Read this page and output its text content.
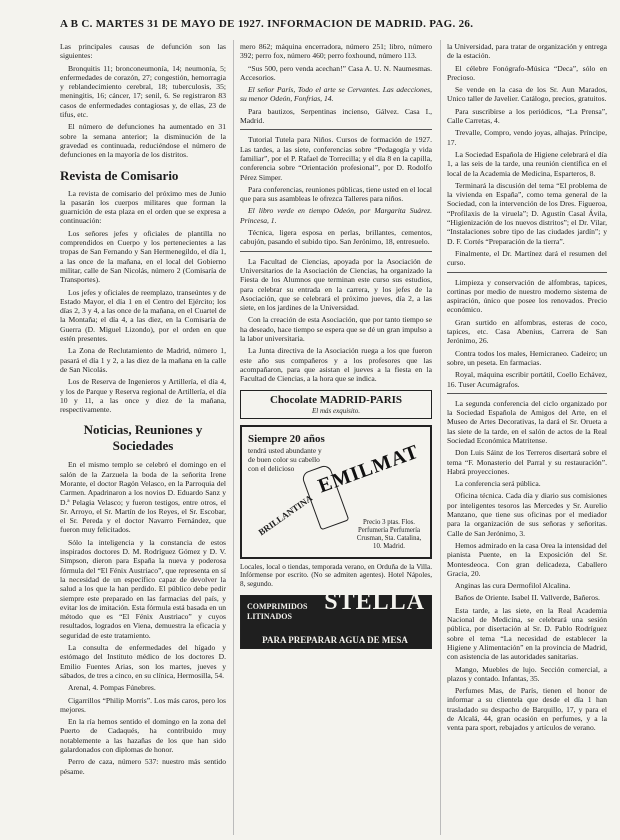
A B C. MARTES 31 DE MAYO DE 1927. INFORMACION DE MADRID. PAG. 26.

Las principales causas de defunción son las siguientes:

Bronquitis 11; bronconeumonía, 14; neumonía, 5; enfermedades de corazón, 27; congestión, hemorragia y reblandecimiento cerebral, 18; tuberculosis, 35; meningitis, 16; cáncer, 17; senil, 6. Se registraron 83 casos de enfermedades contagiosas y, de ellas, 23 de tifus, etc.

El número de defunciones ha aumentado en 31 sobre la semana anterior; la disminución de la gravedad es continuada, reduciéndose el número de defunciones en la mayoría de los distritos.

Revista de Comisario

La revista de comisario del próximo mes de Junio la pasarán los cuerpos militares que forman la guarnición de esta plaza en el orden que se expresa a continuación:

Los señores jefes y oficiales de plantilla no comprendidos en Cuerpo y los pertenecientes a las tropas de San Fernando y San Hermenegildo, el día 1, a las once de la mañana, en el local del Gobierno militar, calle de San Nicolás, número 2 (Comisaría de Transportes).

Los jefes y oficiales de reemplazo, transeúntes y de Estado Mayor, el día 1 en el Centro del Ejército; los días 2, 3 y 4, a las once de la mañana, en el Cuartel de la Montaña; el día 4, a las diez, en la Comisaría de Guerra (D. Miguel Lizondo), por el orden en que estén presentes.

La Zona de Reclutamiento de Madrid, número 1, pasará el día 1 y 2, a las diez de la mañana en la calle de San Nicolás.

Los de Reserva de Ingenieros y Artillería, el día 4, y los de Parque y Reserva regional de Artillería, el día 10 y 11, a las once y diez de la mañana, respectivamente.

Noticias, Reuniones y Sociedades

En el mismo templo se celebró el domingo en el salón de la Zarzuela la boda de la señorita Irene Morante, el doctor Ragón Velasco, en la Parroquia del Carmen. Apadrinaron a los novios D. Eduardo Sanz y D.ª Pelagia Velasco; y fueron testigos, entre otros, el Sr. Arroyo, el Sr. Martín de los Reyes, el Sr. Escobar, el Sr. Pereda y el doctor Navarro Fernández, que fueron muy felicitados.

Sólo la inteligencia y la constancia de estos inspirados doctores D. M. Rodríguez Gómez y D. V. Simpson, dieron para España la nueva y poderosa fórmula del “El Fénix Austriaco”, que representa en sí la necesidad de un específico capaz de devolver la salud a los que la han perdido. El público debe pedir siempre este preparado en las farmacias del país, y evitar los de imitación. Esta fórmula está basada en un método que es “El Fénix Austriaco” y cuyos resultados, logrados en Viena, demuestra la eficacia y seguridad de este tratamiento.

La consulta de enfermedades del hígado y estómago del Instituto médico de los doctores D. Emilio Fuentes Arias, son los martes, jueves y sábados, de tres a cinco, en su clínica, Hermosilla, 54.

Arenal, 4. Pompas Fúnebres.

Cigarrillos “Philip Morris”. Los más caros, pero los mejores.

En la ría hemos sentido el domingo en la zona del Puerto de Cadaqués, ha contribuido muy notablemente a las hazañas de los que han sido galardonados con diplomas de honor.

Perro de caza, número 537: nuestro más sentido pésame.

mero 862; máquina encerradora, número 251; libro, número 392; perro fox, número 460; perro foxhound, número 113.

“Sus 500, pero venda acechan!” Casa A. U. N. Naumesmas. Accesorios.

El señor París, Todo el arte se Cervantes. Las adecciones, su menor Odeón, Fonfrias, 14.

Para bautizos, Serpentinas incienso, Gálvez. Casa I., Madrid.

Tutorial Tutela para Niños. Cursos de formación de 1927. Las tardes, a las siete, conferencias sobre “Pedagogía y vida familiar”, por el P. Rafael de Torrecilla; y el día 8 en la capilla, conferencia sobre “Orientación profesional”, por D. Rodolfo Pérez Simper.

Para conferencias, reuniones públicas, tiene usted en el local que para sus asambleas le ofrezca Talleres para niños.

El libro verde en tiempo Odeón, por Margarita Suárez. Princesa, 1.

Técnica, ligera esposa en perlas, brillantes, cementos, cabujón, pasando el subido tipo. San Jerónimo, 18, entresuelo.

La Facultad de Ciencias, apoyada por la Asociación de Universitarios de la Asociación de Ciencias, ha organizado la Fiesta de los Alumnos que terminan este curso sus estudios, para celebrar su entrada en la carrera, y los jefes de la Asociación, que se celebrará el próximo jueves, día 2, a las siete, en los jardines de la Universidad.

Con la creación de esta Asociación, que por tanto tiempo se ha deseado, hace tiempo se espera que se dé un gran impulso a la labor universitaria.

La Junta directiva de la Asociación ruega a los que fueron este año sus compañeros y a los profesores que las acompañaron, para que asistan el jueves a la fiesta en la Facultad de Ciencias, a la hora que se indica.

Chocolate MADRID-PARIS
El más exquisito.
Siempre 20 años
tendrá usted abundante y de buen color su cabello con el delicioso
BRILLANTINA
EMILMAT
Precio 3 ptas. Flos. Perfumería Perfumería Crusman, Sta. Catalina, 10. Madrid.
Locales, local o tiendas, temporada verano, en Orduña de la Villa. Infórmense por escrito. (No se admiten agentes). Hotel Nápoles, 8, segundo.
COMPRIMIDOS LITINADOS
STELLA
PARA PREPARAR AGUA DE MESA

la Universidad, para tratar de organización y entrega de la estación.

El célebre Fonógrafo-Música “Deca”, sólo en Precioso.

Se vende en la casa de los Sr. Aun Marados, Unico taller de Javelier. Catálogo, precios, gratuitos.

Para suscribirse a los periódicos, “La Prensa”, Calle Carretas, 4.

Trevalle, Compro, vendo joyas, alhajas. Príncipe, 17.

La Sociedad Española de Higiene celebrará el día 1, a las seis de la tarde, una reunión científica en el local de la Academia de Medicina, Esparteros, 8.

Terminará la discusión del tema “El problema de la vivienda en España”, como tema general de la Sociedad, con la intervención de los Dres. Figueroa, “Profilaxis de la viruela”; D. Agustín Casal Ávila, “Higienización de los nuevos distritos”; el Dr. Vilar, “Instalaciones sobre tipo de las ciudades jardín”; y D. F. Cortés “Preparación de la tierra”.

Finalmente, el Dr. Martínez dará el resumen del curso.

Limpieza y conservación de alfombras, tapices, cortinas por medio de nuestro moderno sistema de aspiración, único que posee los renovados. Precio económico.

Gran surtido en alfombras, esteras de coco, tapices, etc. Casa Abenius, Carrera de San Jerónimo, 26.

Contra todos los males, Hemicraneo. Cadeiro; un sobre, un peseta. En farmacias.

Royal, máquina escribir portátil, Coello Echávez, 16. Tuser Acumágrafos.

La segunda conferencia del ciclo organizado por la Sociedad Española de Amigos del Arte, en el Museo de Artes Decorativas, la dará el Sr. Orueta a las siete de la tarde, en el salón de actos de la Real Sociedad Económica Matritense.

Don Luis Sáinz de los Terreros disertará sobre el tema “F. Monasterio del Parral y su restauración”. Habrá proyecciones.

La conferencia será pública.

Oficina técnica. Cada día y diario sus comisiones por inteligentes tesoros las Mercedes y Sr. Aurelio Manzano, que tiene sus oficinas por el mediador para la organización de sus señoras y señoritas. Calle de San Jerónimo, 3.

Hemos admirado en la casa Orea la intensidad del pianista Puente, en la Exposición del Sr. Montesdeoca. Con gran delicadeza, Caballero Gracia, 20.

Anginas las cura Dermofilol Alcalina.

Baños de Oriente. Isabel II. Vallverde, Bañeros.

Esta tarde, a las siete, en la Real Academia Nacional de Medicina, se celebrará una sesión pública, por disertación al Sr. D. Pablo Rodríguez sobre el tema “La necesidad de establecer la Higiene y Alimentación” en la provincia de Madrid, con asistencia de las autoridades sanitarias.

Mango, Muebles de lujo. Sección comercial, a plazos y contado. Infantas, 35.

Perfumes Mas, de París, tienen el honor de informar a su clientela que desde el día 1 han trasladado su despacho de Barquillo, 17, y para el de Alcalá, 44, gran ocasión en perfumes, y a la venta para sport, rebajados y artículos de verano.
